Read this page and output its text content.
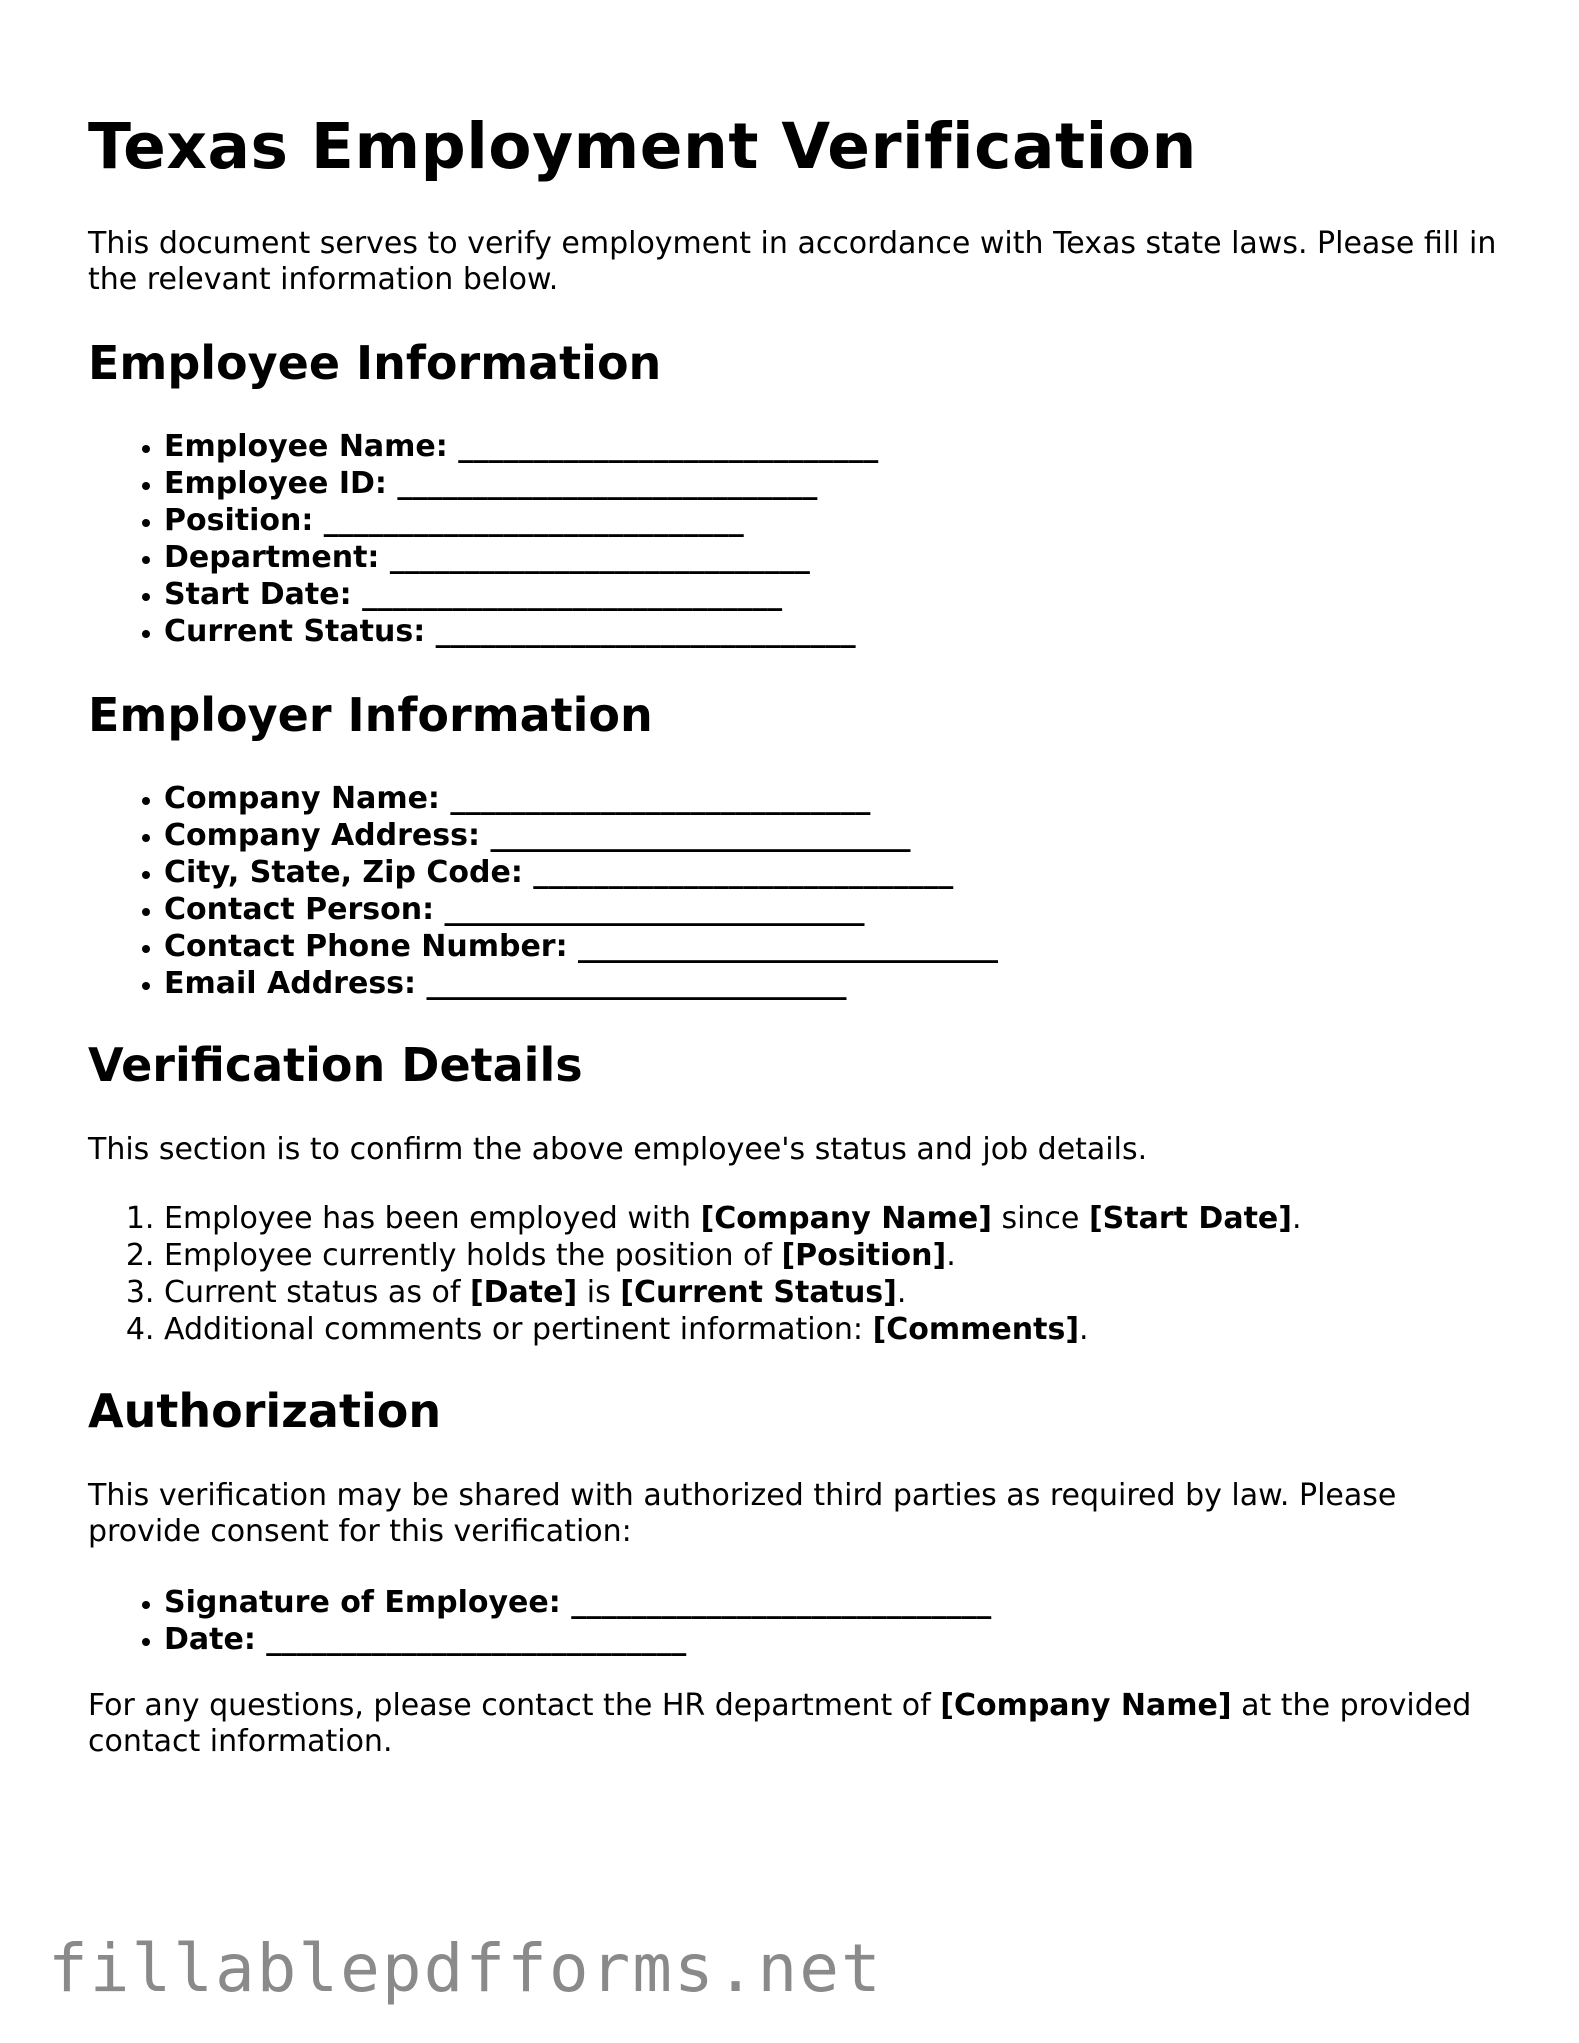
Texas Employment Verification

This document serves to verify employment in accordance with Texas state laws. Please fill in the relevant information below.

Employee Information
• Employee Name: ____________________________
• Employee ID: ____________________________
• Position: ____________________________
• Department: ____________________________
• Start Date: ____________________________
• Current Status: ____________________________
Employer Information
• Company Name: ____________________________
• Company Address: ____________________________
• City, State, Zip Code: ____________________________
• Contact Person: ____________________________
• Contact Phone Number: ____________________________
• Email Address: ____________________________
Verification Details

This section is to confirm the above employee's status and job details.

1. Employee has been employed with [Company Name] since [Start Date].
2. Employee currently holds the position of [Position].
3. Current status as of [Date] is [Current Status].
4. Additional comments or pertinent information: [Comments].
Authorization

This verification may be shared with authorized third parties as required by law. Please provide consent for this verification:

• Signature of Employee: ____________________________
• Date: ____________________________

For any questions, please contact the HR department of [Company Name] at the provided contact information.

fillablepdfforms.net
